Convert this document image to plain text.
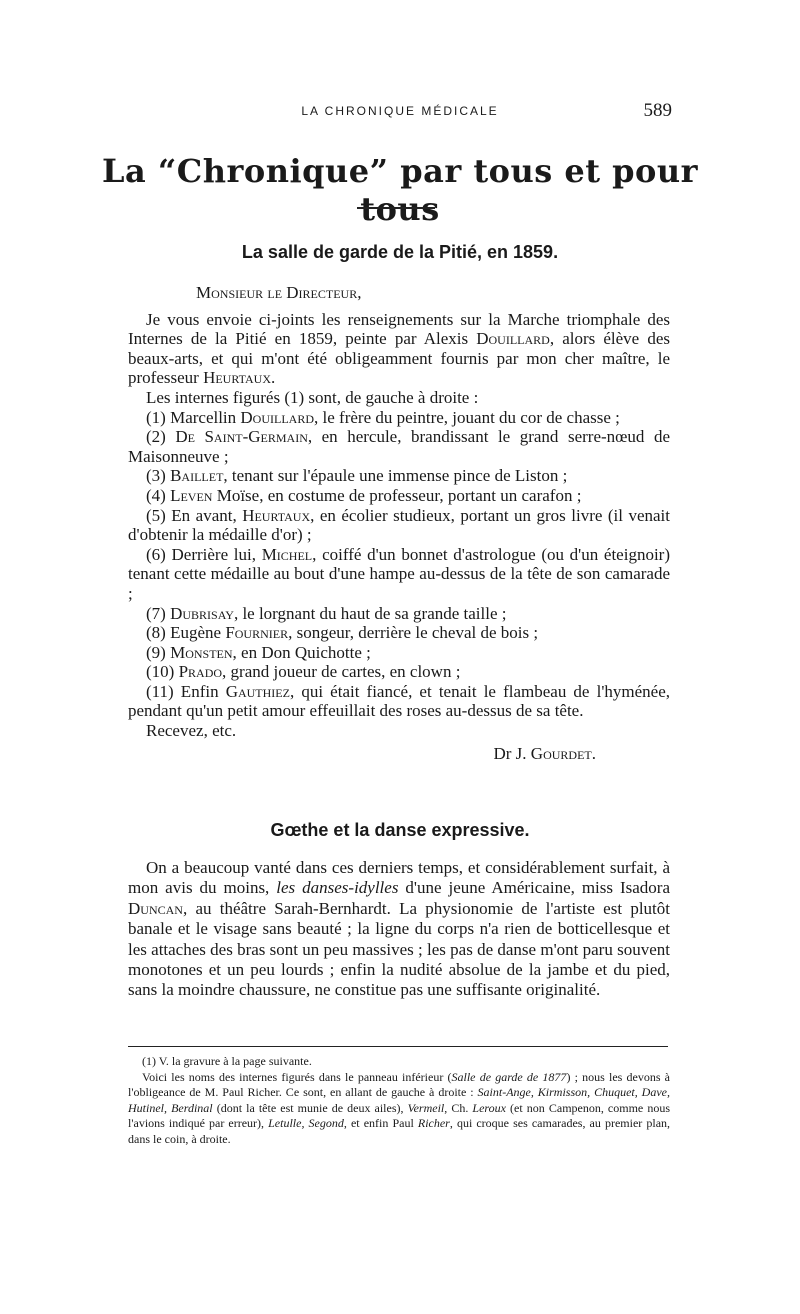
LA CHRONIQUE MÉDICALE	589
La “Chronique” par tous et pour tous
La salle de garde de la Pitié, en 1859.

Monsieur le Directeur,

Je vous envoie ci-joints les renseignements sur la Marche triomphale des Internes de la Pitié en 1859, peinte par Alexis Douillard, alors élève des beaux-arts, et qui m'ont été obligeamment fournis par mon cher maître, le professeur Heurtaux.

Les internes figurés (1) sont, de gauche à droite :

(1) Marcellin Douillard, le frère du peintre, jouant du cor de chasse ;

(2) De Saint-Germain, en hercule, brandissant le grand serre-nœud de Maisonneuve ;

(3) Baillet, tenant sur l'épaule une immense pince de Liston ;

(4) Leven Moïse, en costume de professeur, portant un carafon ;

(5) En avant, Heurtaux, en écolier studieux, portant un gros livre (il venait d'obtenir la médaille d'or) ;

(6) Derrière lui, Michel, coiffé d'un bonnet d'astrologue (ou d'un éteignoir) tenant cette médaille au bout d'une hampe au-dessus de la tête de son camarade ;

(7) Dubrisay, le lorgnant du haut de sa grande taille ;

(8) Eugène Fournier, songeur, derrière le cheval de bois ;

(9) Monsten, en Don Quichotte ;

(10) Prado, grand joueur de cartes, en clown ;

(11) Enfin Gauthiez, qui était fiancé, et tenait le flambeau de l'hyménée, pendant qu'un petit amour effeuillait des roses au-dessus de sa tête.

Recevez, etc.

Dr J. Gourdet.

Gœthe et la danse expressive.

On a beaucoup vanté dans ces derniers temps, et considérablement surfait, à mon avis du moins, les danses-idylles d'une jeune Américaine, miss Isadora Duncan, au théâtre Sarah-Bernhardt. La physionomie de l'artiste est plutôt banale et le visage sans beauté ; la ligne du corps n'a rien de botticellesque et les attaches des bras sont un peu massives ; les pas de danse m'ont paru souvent monotones et un peu lourds ; enfin la nudité absolue de la jambe et du pied, sans la moindre chaussure, ne constitue pas une suffisante originalité.

(1) V. la gravure à la page suivante.

Voici les noms des internes figurés dans le panneau inférieur (Salle de garde de 1877) ; nous les devons à l'obligeance de M. Paul Richer. Ce sont, en allant de gauche à droite : Saint-Ange, Kirmisson, Chuquet, Dave, Hutinel, Berdinal (dont la tête est munie de deux ailes), Vermeil, Ch. Leroux (et non Campenon, comme nous l'avions indiqué par erreur), Letulle, Segond, et enfin Paul Richer, qui croque ses camarades, au premier plan, dans le coin, à droite.
